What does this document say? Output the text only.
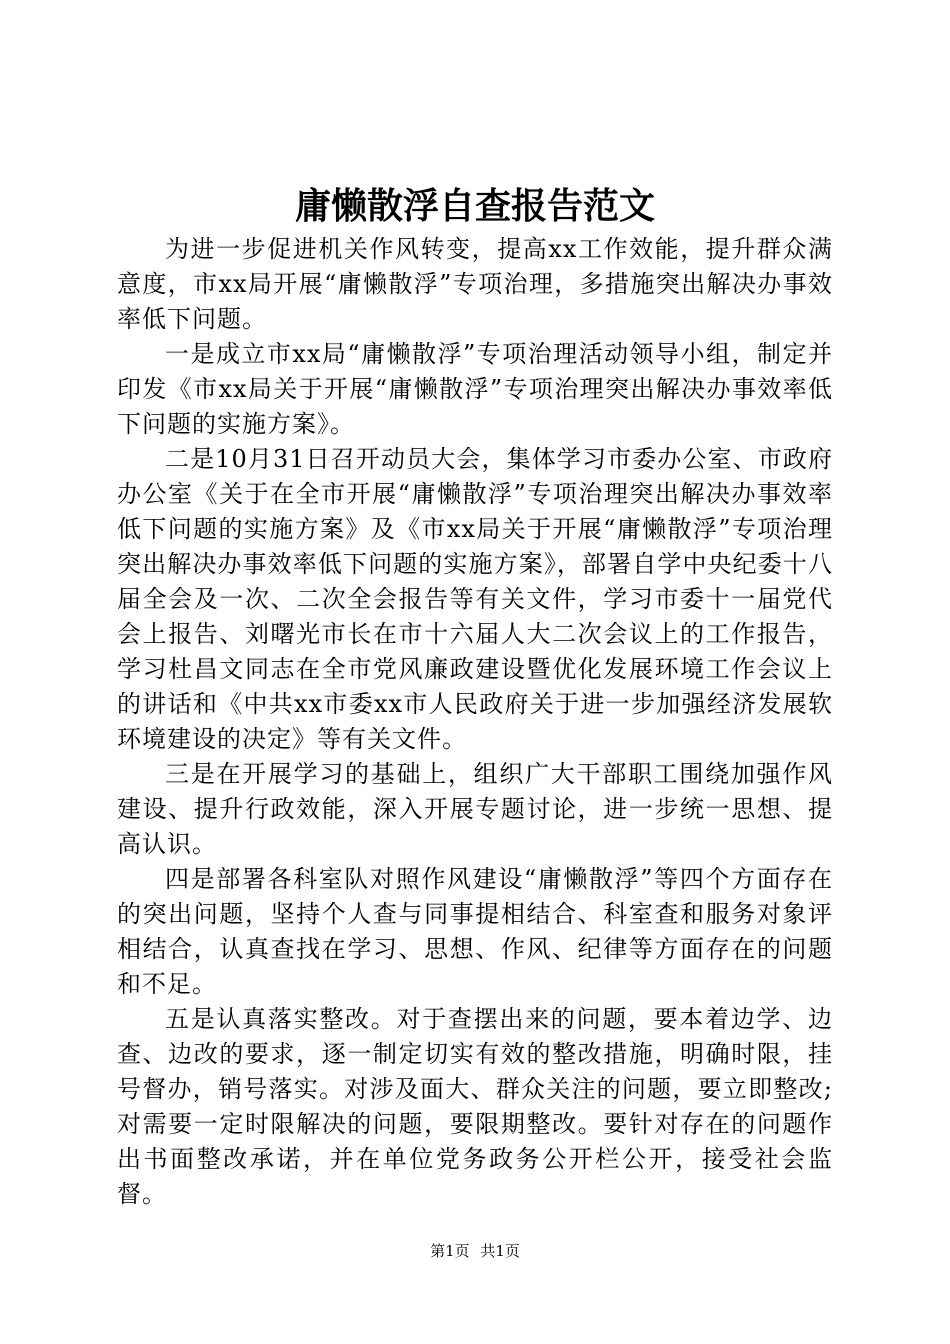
庸懒散浮自查报告范文

为进一步促进机关作风转变，提高xx工作效能，提升群众满意度，市xx局开展“庸懒散浮”专项治理，多措施突出解决办事效率低下问题。

一是成立市xx局“庸懒散浮”专项治理活动领导小组，制定并印发《市xx局关于开展“庸懒散浮”专项治理突出解决办事效率低下问题的实施方案》。

二是10月31日召开动员大会，集体学习市委办公室、市政府办公室《关于在全市开展“庸懒散浮”专项治理突出解决办事效率低下问题的实施方案》及《市xx局关于开展“庸懒散浮”专项治理突出解决办事效率低下问题的实施方案》，部署自学中央纪委十八届全会及一次、二次全会报告等有关文件，学习市委十一届党代会上报告、刘曙光市长在市十六届人大二次会议上的工作报告，学习杜昌文同志在全市党风廉政建设暨优化发展环境工作会议上的讲话和《中共xx市委xx市人民政府关于进一步加强经济发展软环境建设的决定》等有关文件。

三是在开展学习的基础上，组织广大干部职工围绕加强作风建设、提升行政效能，深入开展专题讨论，进一步统一思想、提高认识。

四是部署各科室队对照作风建设“庸懒散浮”等四个方面存在的突出问题，坚持个人查与同事提相结合、科室查和服务对象评相结合，认真查找在学习、思想、作风、纪律等方面存在的问题和不足。

五是认真落实整改。对于查摆出来的问题，要本着边学、边查、边改的要求，逐一制定切实有效的整改措施，明确时限，挂号督办，销号落实。对涉及面大、群众关注的问题，要立即整改;对需要一定时限解决的问题，要限期整改。要针对存在的问题作出书面整改承诺，并在单位党务政务公开栏公开，接受社会监督。

第1页 共1页
